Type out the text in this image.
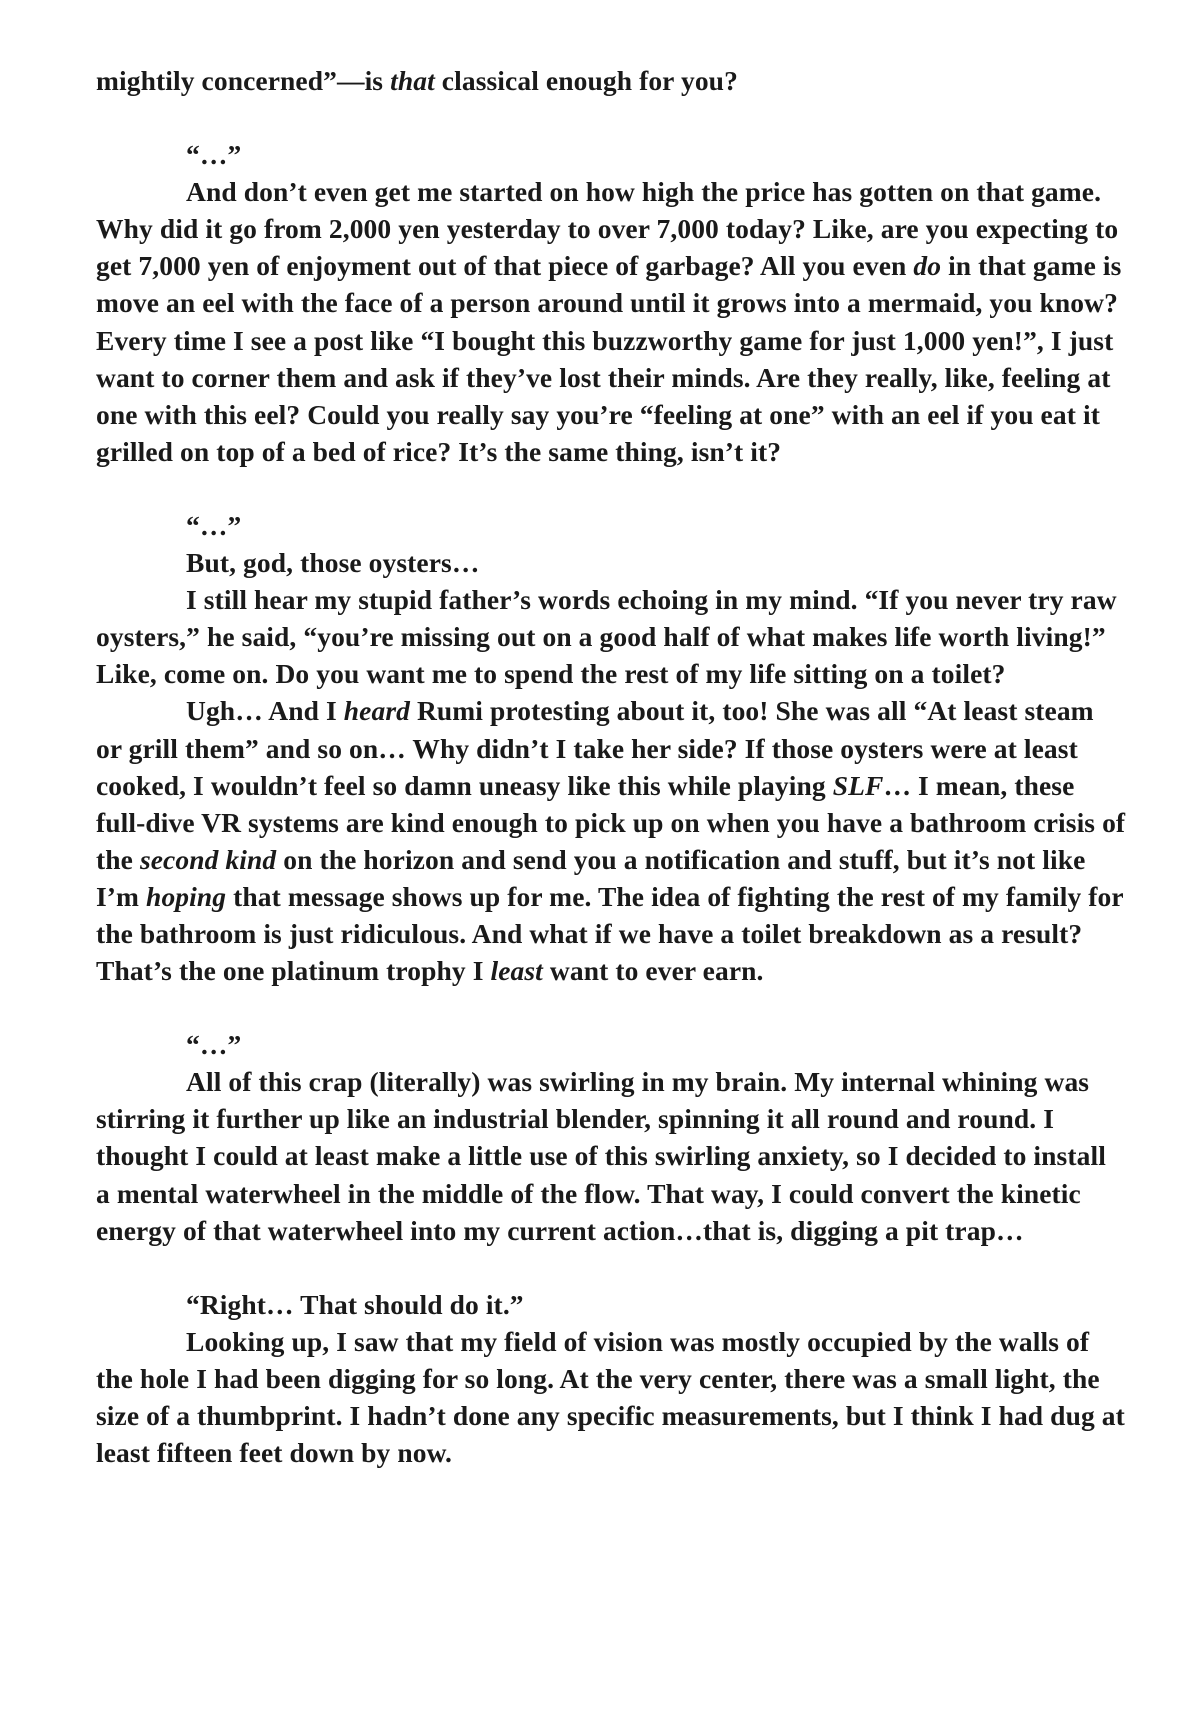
mightily concerned”—is that classical enough for you?

“…”

And don’t even get me started on how high the price has gotten on that game. Why did it go from 2,000 yen yesterday to over 7,000 today? Like, are you expecting to get 7,000 yen of enjoyment out of that piece of garbage? All you even do in that game is move an eel with the face of a person around until it grows into a mermaid, you know? Every time I see a post like “I bought this buzzworthy game for just 1,000 yen!”, I just want to corner them and ask if they’ve lost their minds. Are they really, like, feeling at one with this eel? Could you really say you’re “feeling at one” with an eel if you eat it grilled on top of a bed of rice? It’s the same thing, isn’t it?

“…”

But, god, those oysters…

I still hear my stupid father’s words echoing in my mind. “If you never try raw oysters,” he said, “you’re missing out on a good half of what makes life worth living!” Like, come on. Do you want me to spend the rest of my life sitting on a toilet?

Ugh… And I heard Rumi protesting about it, too! She was all “At least steam or grill them” and so on… Why didn’t I take her side? If those oysters were at least cooked, I wouldn’t feel so damn uneasy like this while playing SLF… I mean, these full-dive VR systems are kind enough to pick up on when you have a bathroom crisis of the second kind on the horizon and send you a notification and stuff, but it’s not like I’m hoping that message shows up for me. The idea of fighting the rest of my family for the bathroom is just ridiculous. And what if we have a toilet breakdown as a result? That’s the one platinum trophy I least want to ever earn.

“…”

All of this crap (literally) was swirling in my brain. My internal whining was stirring it further up like an industrial blender, spinning it all round and round. I thought I could at least make a little use of this swirling anxiety, so I decided to install a mental waterwheel in the middle of the flow. That way, I could convert the kinetic energy of that waterwheel into my current action…that is, digging a pit trap…

“Right… That should do it.”

Looking up, I saw that my field of vision was mostly occupied by the walls of the hole I had been digging for so long. At the very center, there was a small light, the size of a thumbprint. I hadn’t done any specific measurements, but I think I had dug at least fifteen feet down by now.
